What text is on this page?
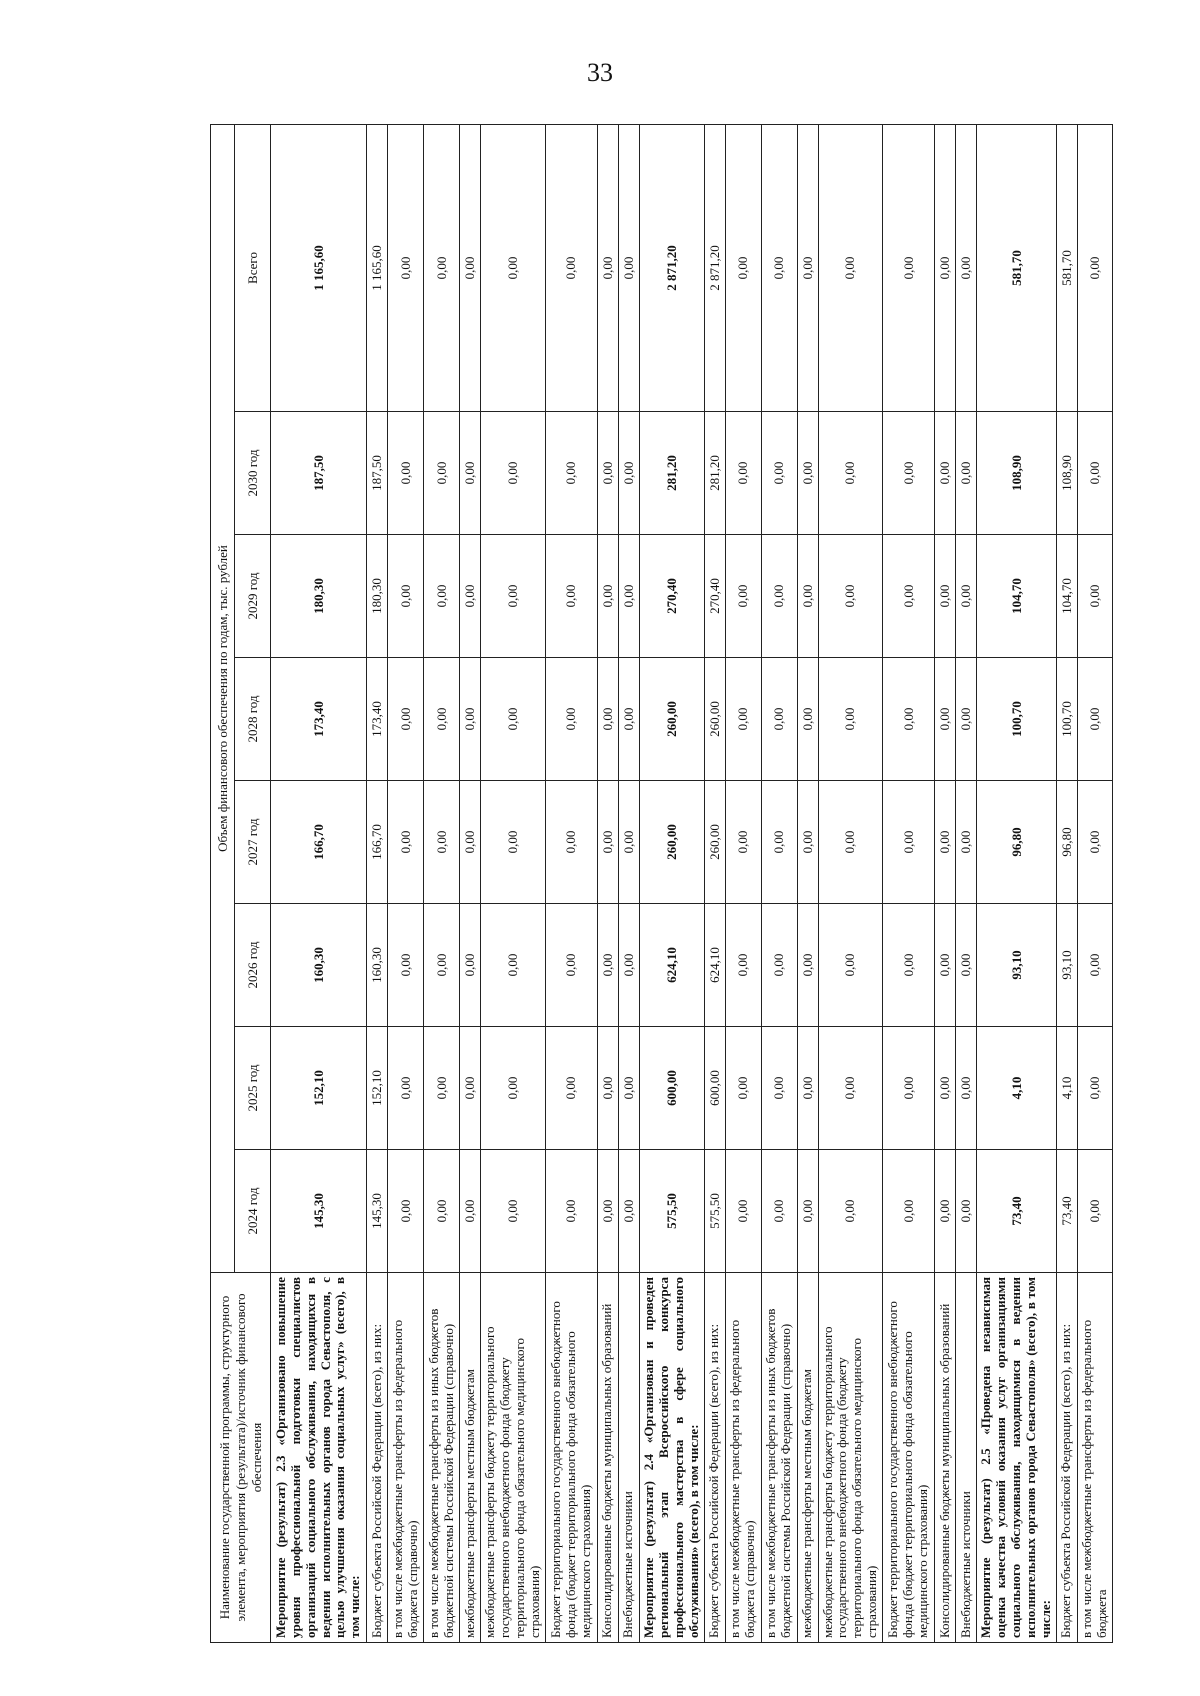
33
Наименование государственной программы, структурного элемента, мероприятия (результата)/источник финансового обеспечения	Объем финансового обеспечения по годам, тыс. рублей							
	2024 год	2025 год	2026 год	2027 год	2028 год	2029 год	2030 год	Всего
Мероприятие (результат) 2.3 «Организовано повышение уровня профессиональной подготовки специалистов организаций социального обслуживания, находящихся в ведении исполнительных органов города Севастополя, с целью улучшения оказания социальных услуг» (всего), в том числе:	145,30	152,10	160,30	166,70	173,40	180,30	187,50	1 165,60
Бюджет субъекта Российской Федерации (всего), из них:	145,30	152,10	160,30	166,70	173,40	180,30	187,50	1 165,60
в том числе межбюджетные трансферты из федерального бюджета (справочно)	0,00	0,00	0,00	0,00	0,00	0,00	0,00	0,00
в том числе межбюджетные трансферты из иных бюджетов бюджетной системы Российской Федерации (справочно)	0,00	0,00	0,00	0,00	0,00	0,00	0,00	0,00
межбюджетные трансферты местным бюджетам	0,00	0,00	0,00	0,00	0,00	0,00	0,00	0,00
межбюджетные трансферты бюджету территориального государственного внебюджетного фонда (бюджету территориального фонда обязательного медицинского страхования)	0,00	0,00	0,00	0,00	0,00	0,00	0,00	0,00
Бюджет территориального государственного внебюджетного фонда (бюджет территориального фонда обязательного медицинского страхования)	0,00	0,00	0,00	0,00	0,00	0,00	0,00	0,00
Консолидированные бюджеты муниципальных образований	0,00	0,00	0,00	0,00	0,00	0,00	0,00	0,00
Внебюджетные источники	0,00	0,00	0,00	0,00	0,00	0,00	0,00	0,00
Мероприятие (результат) 2.4 «Организован и проведен региональный этап Всероссийского конкурса профессионального мастерства в сфере социального обслуживания» (всего), в том числе:	575,50	600,00	624,10	260,00	260,00	270,40	281,20	2 871,20
Бюджет субъекта Российской Федерации (всего), из них:	575,50	600,00	624,10	260,00	260,00	270,40	281,20	2 871,20
в том числе межбюджетные трансферты из федерального бюджета (справочно)	0,00	0,00	0,00	0,00	0,00	0,00	0,00	0,00
в том числе межбюджетные трансферты из иных бюджетов бюджетной системы Российской Федерации (справочно)	0,00	0,00	0,00	0,00	0,00	0,00	0,00	0,00
межбюджетные трансферты местным бюджетам	0,00	0,00	0,00	0,00	0,00	0,00	0,00	0,00
межбюджетные трансферты бюджету территориального государственного внебюджетного фонда (бюджету территориального фонда обязательного медицинского страхования)	0,00	0,00	0,00	0,00	0,00	0,00	0,00	0,00
Бюджет территориального государственного внебюджетного фонда (бюджет территориального фонда обязательного медицинского страхования)	0,00	0,00	0,00	0,00	0,00	0,00	0,00	0,00
Консолидированные бюджеты муниципальных образований	0,00	0,00	0,00	0,00	0,00	0,00	0,00	0,00
Внебюджетные источники	0,00	0,00	0,00	0,00	0,00	0,00	0,00	0,00
Мероприятие (результат) 2.5 «Проведена независимая оценка качества условий оказания услуг организациями социального обслуживания, находящимися в ведении исполнительных органов города Севастополя» (всего), в том числе:	73,40	4,10	93,10	96,80	100,70	104,70	108,90	581,70
Бюджет субъекта Российской Федерации (всего), из них:	73,40	4,10	93,10	96,80	100,70	104,70	108,90	581,70
в том числе межбюджетные трансферты из федерального бюджета	0,00	0,00	0,00	0,00	0,00	0,00	0,00	0,00
